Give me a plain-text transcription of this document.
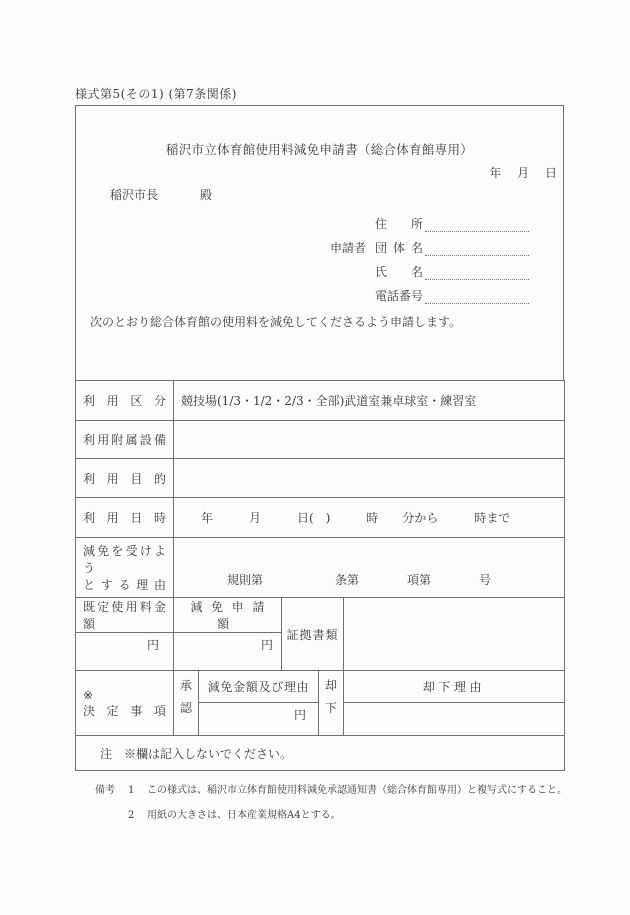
様式第5(その1) (第7条関係)
稲沢市立体育館使用料減免申請書（総合体育館専用）
年　 月　 日
稲沢市長	殿
住所
申請者 団体名
氏名
電話番号
次のとおり総合体育館の使用料を減免してくださるよう申請します。
利用区分	競技場(1/3・1/2・2/3・全部)武道室兼卓球室・練習室				

利用附属設備					

利用目的					

利用日時	年　　　月　　　日(　)　　　時　　分から　　　時まで				

減免を受けよう
とする理由	規則第　　　　　　条第　　　　項第　　　　号				

既定使用料金額	減免申請額		証拠書類		
円	円				

※
決定事項	承認	減免金額及び理由		却下	却下理由
		円			
注　※欄は記入しないでください。					
備考	1	この様式は、稲沢市立体育館使用料減免承認通知書（総合体育館専用）と複写式にすること。
2	用紙の大きさは、日本産業規格A4とする。
